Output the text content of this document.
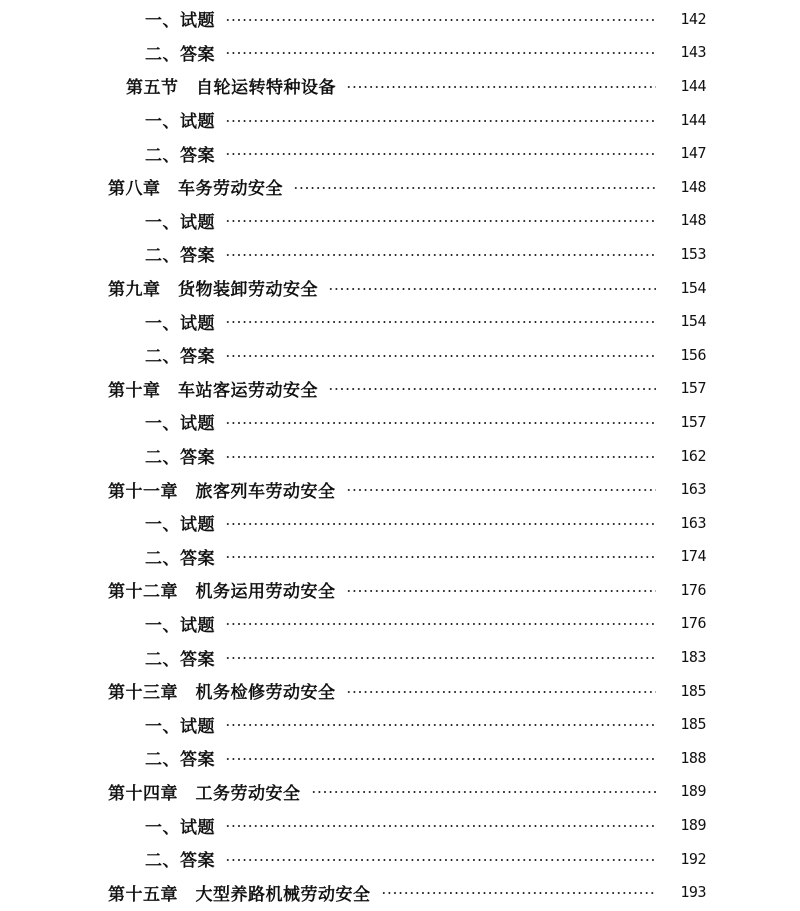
一、试题	142
二、答案	143
第五节　自轮运转特种设备	144
一、试题	144
二、答案	147
第八章　车务劳动安全	148
一、试题	148
二、答案	153
第九章　货物装卸劳动安全	154
一、试题	154
二、答案	156
第十章　车站客运劳动安全	157
一、试题	157
二、答案	162
第十一章　旅客列车劳动安全	163
一、试题	163
二、答案	174
第十二章　机务运用劳动安全	176
一、试题	176
二、答案	183
第十三章　机务检修劳动安全	185
一、试题	185
二、答案	188
第十四章　工务劳动安全	189
一、试题	189
二、答案	192
第十五章　大型养路机械劳动安全	193
